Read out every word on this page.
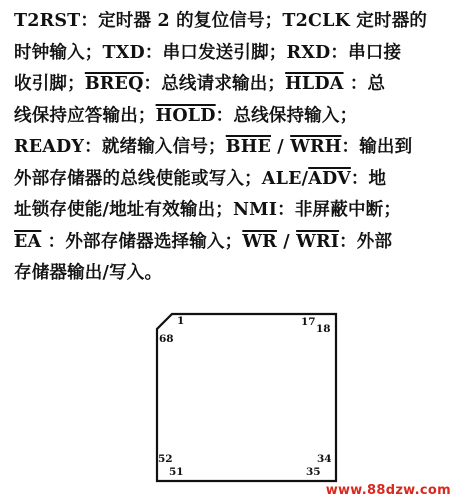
T2RST：定时器 2 的复位信号；T2CLK 定时器的
时钟输入；TXD：串口发送引脚；RXD：串口接
收引脚；BREQ：总线请求输出；HLDA ：总
线保持应答输出；HOLD：总线保持输入；
READY：就绪输入信号；$\overline{BHE} / \overline{WRH}$：输出到
外部存储器的总线使能或写入；ALE/$\overline{ADV}$：地
址锁存使能/地址有效输出；NMI：非屏蔽中断；
$\overline{EA}$ ：外部存储器选择输入；$\overline{WR} / \overline{WRI}$：外部
存储器输出/写入。
1
68
17
18
52
51
34
35
www.88dzw.com
